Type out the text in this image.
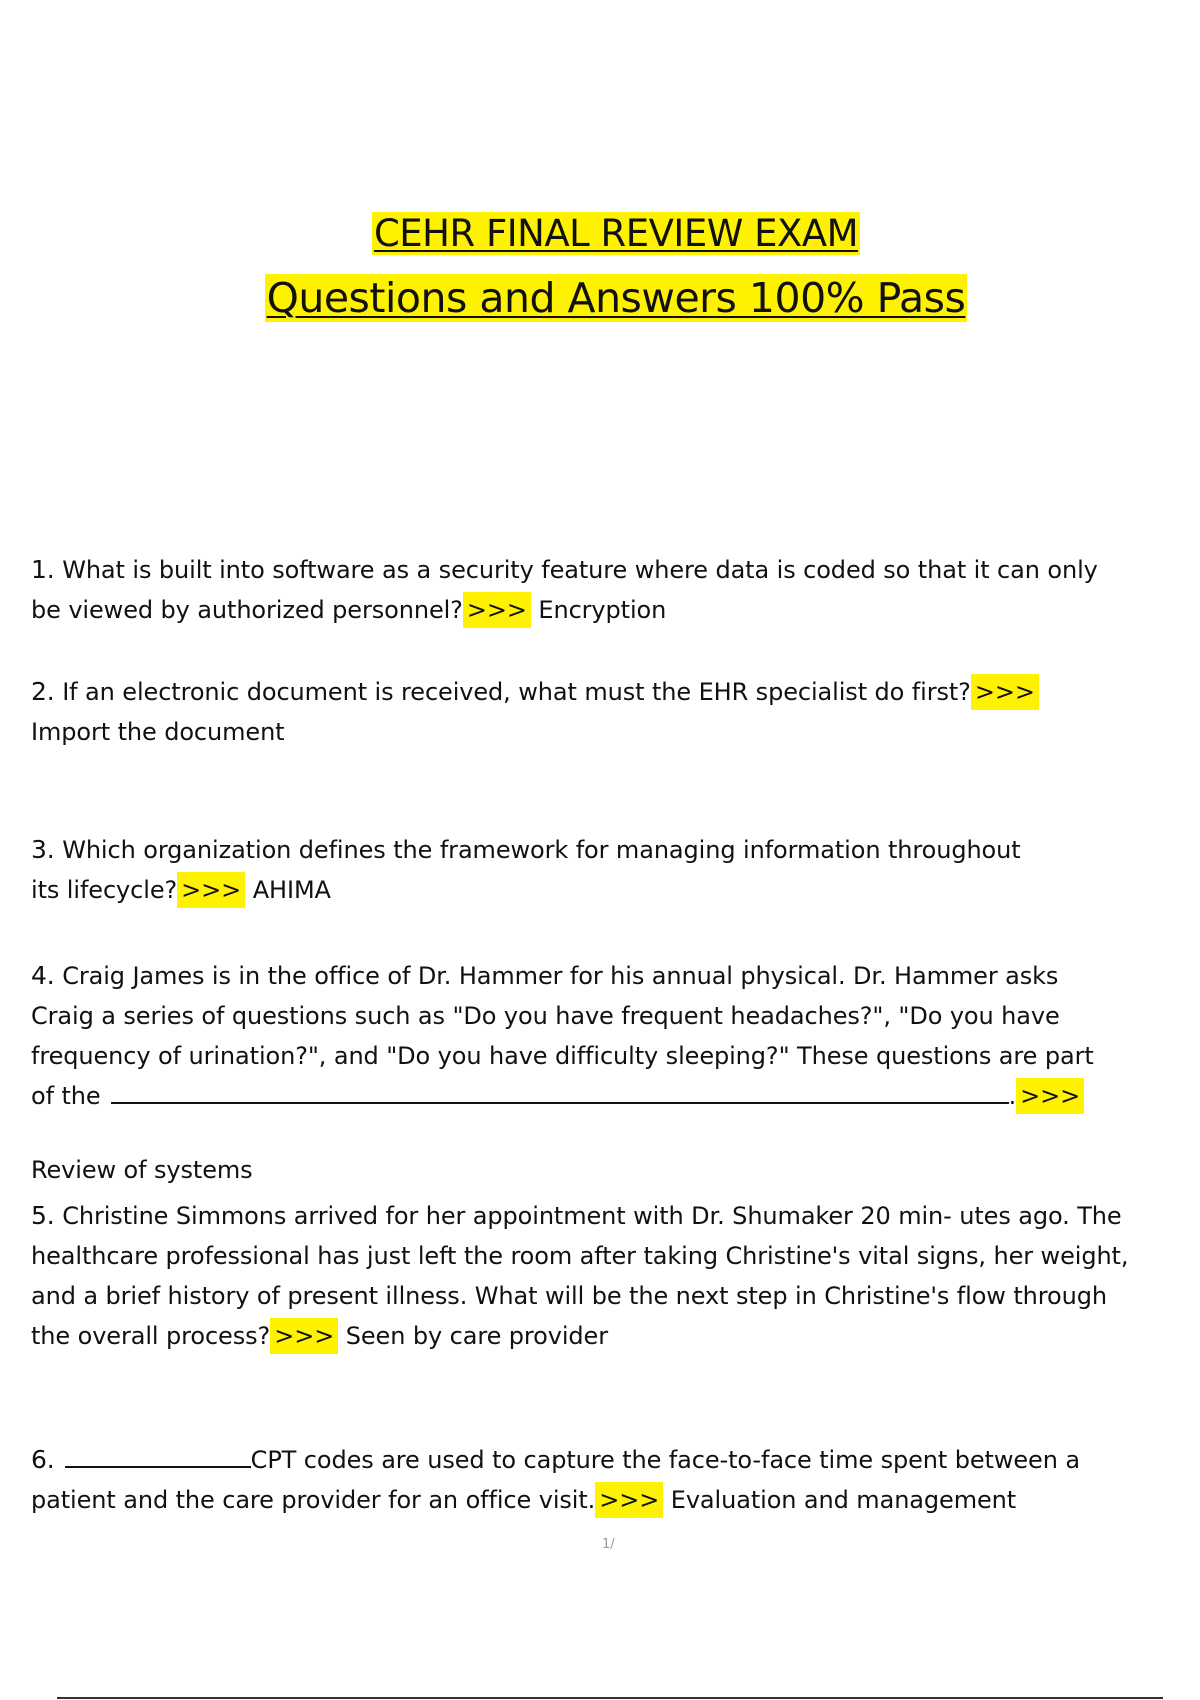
CEHR FINAL REVIEW EXAM
Questions and Answers 100% Pass
1. What is built into software as a security feature where data is coded so that it can only
be viewed by authorized personnel? >>> Encryption
2. If an electronic document is received, what must the EHR specialist do first? >>>
Import the document
3. Which organization defines the framework for managing information throughout
its lifecycle? >>> AHIMA
4. Craig James is in the office of Dr. Hammer for his annual physical. Dr. Hammer asks
Craig a series of questions such as "Do you have frequent headaches?", "Do you have
frequency of urination?", and "Do you have difficulty sleeping?" These questions are part
of the	. >>>
Review of systems
5. Christine Simmons arrived for her appointment with Dr. Shumaker 20 min- utes ago. The
healthcare professional has just left the room after taking Christine's vital signs, her weight,
and a brief history of present illness. What will be the next step in Christine's flow through
the overall process? >>> Seen by care provider
6.	CPT codes are used to capture the face-to-face time spent between a
patient and the care provider for an office visit. >>> Evaluation and management
1/
